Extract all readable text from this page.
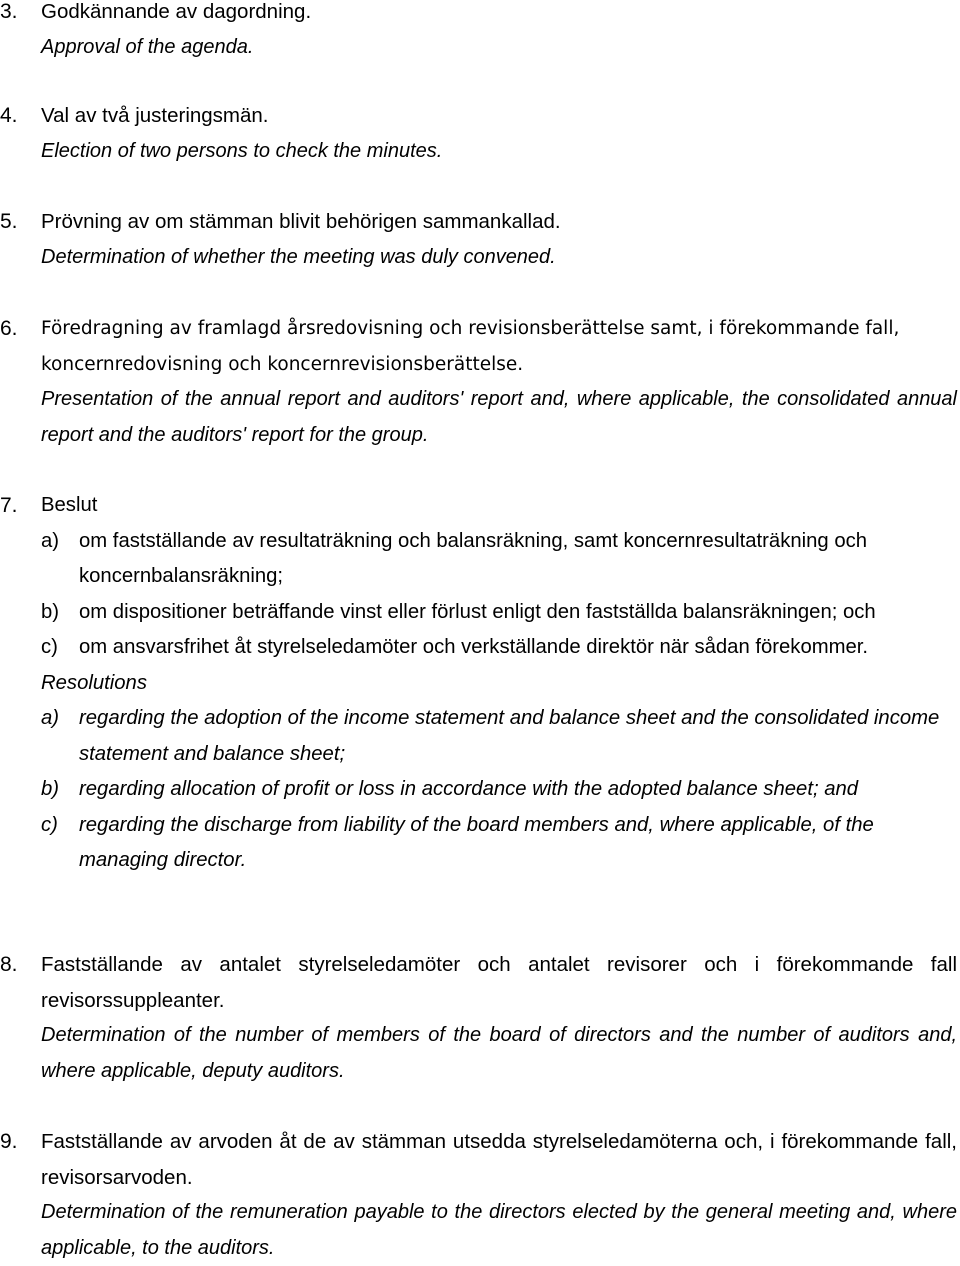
3.	Godkännande av dagordning.
Approval of the agenda.
4.	Val av två justeringsmän.
Election of two persons to check the minutes.
5.	Prövning av om stämman blivit behörigen sammankallad.
Determination of whether the meeting was duly convened.
6.	Föredragning av framlagd årsredovisning och revisionsberättelse samt, i förekommande fall, koncernredovisning och koncernrevisionsberättelse.
Presentation of the annual report and auditors' report and, where applicable, the consolidated annual report and the auditors' report for the group.
7.	Beslut
a) om fastställande av resultaträkning och balansräkning, samt koncernresultaträkning och koncernbalansräkning;
b) om dispositioner beträffande vinst eller förlust enligt den fastställda balansräkningen; och
c) om ansvarsfrihet åt styrelseledamöter och verkställande direktör när sådan förekommer.
Resolutions
a) regarding the adoption of the income statement and balance sheet and the consolidated income statement and balance sheet;
b) regarding allocation of profit or loss in accordance with the adopted balance sheet; and
c) regarding the discharge from liability of the board members and, where applicable, of the managing director.
8.	Fastställande av antalet styrelseledamöter och antalet revisorer och i förekommande fall revisorssuppleanter.
Determination of the number of members of the board of directors and the number of auditors and, where applicable, deputy auditors.
9.	Fastställande av arvoden åt de av stämman utsedda styrelseledamöterna och, i förekommande fall, revisorsarvoden.
Determination of the remuneration payable to the directors elected by the general meeting and, where applicable, to the auditors.
